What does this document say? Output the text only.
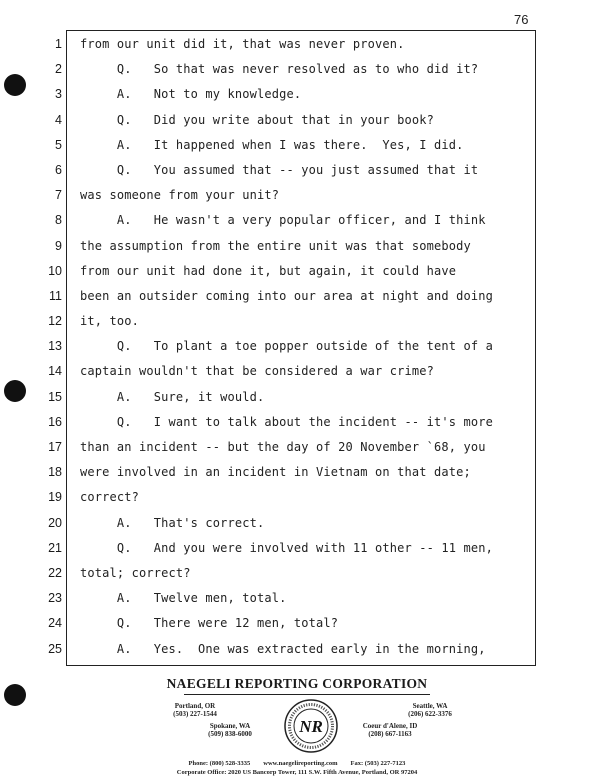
76
1
2
3
4
5
6
7
8
9
10
11
12
13
14
15
16
17
18
19
20
21
22
23
24
25
from our unit did it, that was never proven.
Q.   So that was never resolved as to who did it?
A.   Not to my knowledge.
Q.   Did you write about that in your book?
A.   It happened when I was there.  Yes, I did.
Q.   You assumed that -- you just assumed that it
was someone from your unit?
A.   He wasn't a very popular officer, and I think
the assumption from the entire unit was that somebody
from our unit had done it, but again, it could have
been an outsider coming into our area at night and doing
it, too.
Q.   To plant a toe popper outside of the tent of a
captain wouldn't that be considered a war crime?
A.   Sure, it would.
Q.   I want to talk about the incident -- it's more
than an incident -- but the day of 20 November `68, you
were involved in an incident in Vietnam on that date;
correct?
A.   That's correct.
Q.   And you were involved with 11 other -- 11 men,
total; correct?
A.   Twelve men, total.
Q.   There were 12 men, total?
A.   Yes.  One was extracted early in the morning,
NAEGELI REPORTING CORPORATION
Portland, OR
(503) 227-1544
Seattle, WA
(206) 622-3376
Spokane, WA
(509) 838-6000
Coeur d'Alene, ID
(208) 667-1163
NR
Phone: (800) 528-3335        www.naegelireporting.com        Fax: (503) 227-7123
Corporate Office: 2020 US Bancorp Tower, 111 S.W. Fifth Avenue, Portland, OR 97204
